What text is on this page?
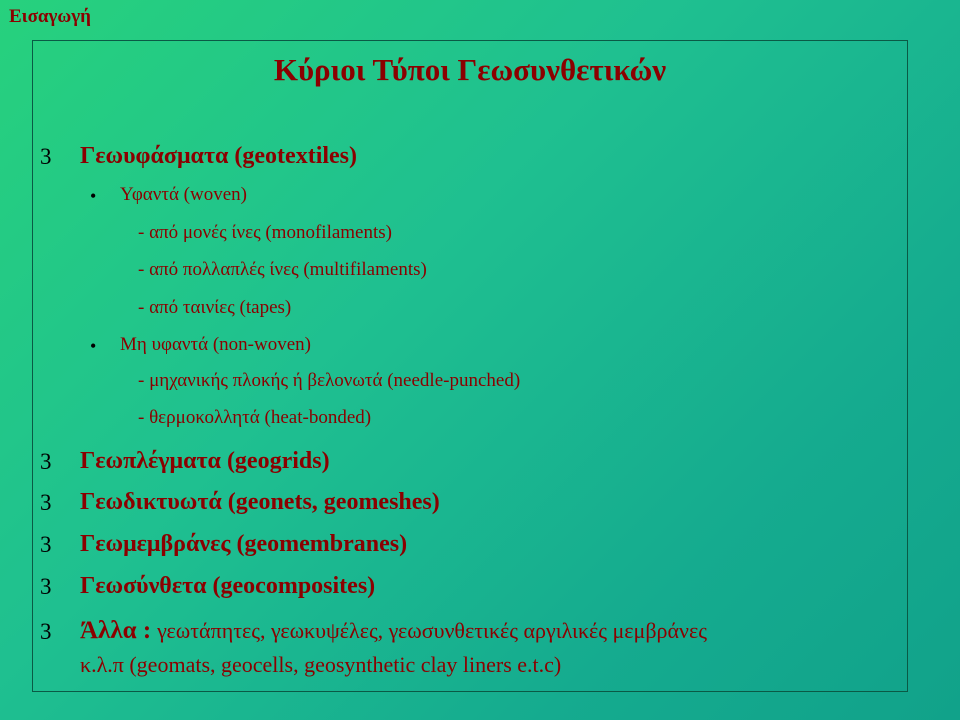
Εισαγωγή
Κύριοι Τύποι Γεωσυνθετικών
3 Γεωυφάσματα (geotextiles)
• Υφαντά (woven)
- από μονές ίνες (monofilaments)
- από πολλαπλές ίνες (multifilaments)
- από ταινίες (tapes)
• Μη υφαντά (non-woven)
- μηχανικής πλοκής ή βελονωτά (needle-punched)
- θερμοκολλητά (heat-bonded)
3 Γεωπλέγματα (geogrids)
3 Γεωδικτυωτά (geonets, geomeshes)
3 Γεωμεμβράνες (geomembranes)
3 Γεωσύνθετα (geocomposites)
3 Άλλα : γεωτάπητες, γεωκυψέλες, γεωσυνθετικές αργιλικές μεμβράνες
κ.λ.π (geomats, geocells, geosynthetic clay liners e.t.c)
